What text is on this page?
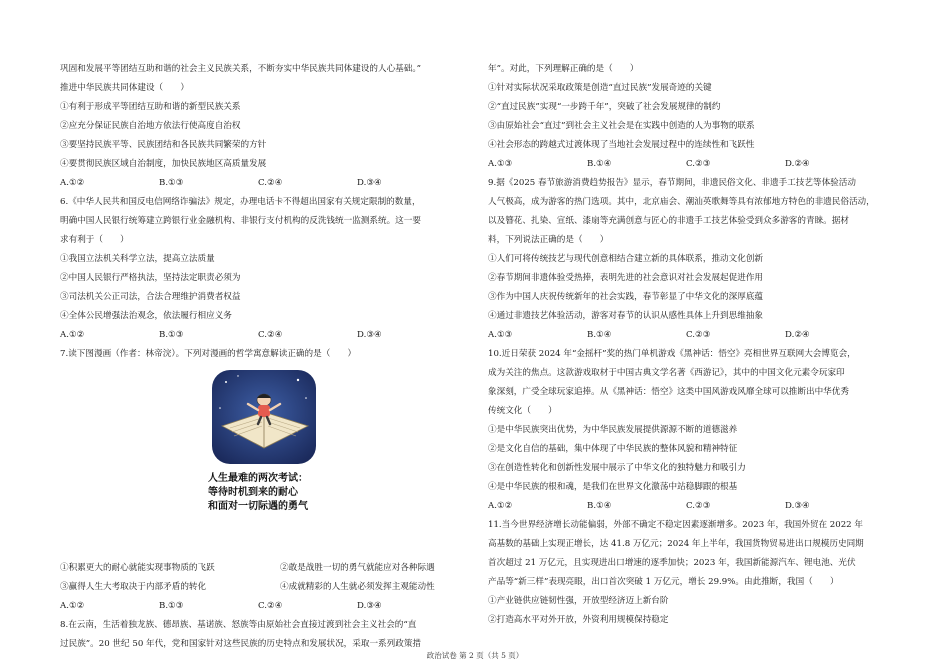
巩固和发展平等团结互助和谐的社会主义民族关系，不断夯实中华民族共同体建设的人心基础。”
推进中华民族共同体建设（　　）
①有利于形成平等团结互助和谐的新型民族关系
②应充分保证民族自治地方依法行使高度自治权
③要坚持民族平等、民族团结和各民族共同繁荣的方针
④要贯彻民族区域自治制度，加快民族地区高质量发展
A.①②	B.①③	C.②④	D.③④
6.《中华人民共和国反电信网络诈骗法》规定，办理电话卡不得超出国家有关规定限制的数量，
明确中国人民银行统筹建立跨银行业金融机构、非银行支付机构的反洗钱统一监测系统。这一要
求有利于（　　）
①我国立法机关科学立法，提高立法质量
②中国人民银行严格执法，坚持法定职责必须为
③司法机关公正司法，合法合理维护消费者权益
④全体公民增强法治观念，依法履行相应义务
A.①②	B.①③	C.②④	D.③④
7.读下图漫画（作者：林帝浣）。下列对漫画的哲学寓意解读正确的是（　　）
人生最难的两次考试：
等待时机到来的耐心
和面对一切际遇的勇气
①积累更大的耐心就能实现事物质的飞跃	②敢是战胜一切的勇气就能应对各种际遇
③赢得人生大考取决于内部矛盾的转化	④成就精彩的人生就必须发挥主观能动性
A.①②	B.①③	C.②④	D.③④
8.在云南，生活着独龙族、德昂族、基诺族、怒族等由原始社会直接过渡到社会主义社会的“直
过民族”。20 世纪 50 年代，党和国家针对这些民族的历史特点和发展状况，采取一系列政策措
年”。对此，下列理解正确的是（　　）
①针对实际状况采取政策是创造“直过民族”发展奇迹的关键
②“直过民族”实现“一步跨千年”，突破了社会发展规律的制约
③由原始社会“直过”到社会主义社会是在实践中创造的人为事物的联系
④社会形态的跨越式过渡体现了当地社会发展过程中的连续性和飞跃性
A.①③	B.①④	C.②③	D.②④
9.据《2025 春节旅游消费趋势报告》显示，春节期间，非遗民俗文化、非遗手工技艺等体验活动
人气极高，成为游客的热门选项。其中，北京庙会、潮汕英歌舞等具有浓郁地方特色的非遗民俗活动，
以及簪花、扎染、宣纸、漆扇等充满创意与匠心的非遗手工技艺体验受到众多游客的青睐。据材
料，下列说法正确的是（　　）
①人们可将传统技艺与现代创意相结合建立新的具体联系，推动文化创新
②春节期间非遗体验受热捧，表明先进的社会意识对社会发展起促进作用
③作为中国人庆祝传统新年的社会实践，春节彰显了中华文化的深厚底蕴
④通过非遗技艺体验活动，游客对春节的认识从感性具体上升到思维抽象
A.①③	B.①④	C.②③	D.②④
10.近日荣获 2024 年“金摇杆”奖的热门单机游戏《黑神话：悟空》亮相世界互联网大会博览会，
成为关注的焦点。这款游戏取材于中国古典文学名著《西游记》，其中的中国文化元素令玩家印
象深刻，广受全球玩家追捧。从《黑神话：悟空》这类中国风游戏风靡全球可以推断出中华优秀
传统文化（　　）
①是中华民族突出优势，为中华民族发展提供源源不断的道德滋养
②是文化自信的基础，集中体现了中华民族的整体风貌和精神特征
③在创造性转化和创新性发展中展示了中华文化的独特魅力和吸引力
④是中华民族的根和魂，是我们在世界文化激荡中站稳脚跟的根基
A.①②	B.①④	C.②③	D.③④
11.当今世界经济增长动能偏弱，外部不确定不稳定因素逐渐增多。2023 年，我国外贸在 2022 年
高基数的基础上实现正增长，达 41.8 万亿元；2024 年上半年，我国货物贸易进出口规模历史同期
首次超过 21 万亿元，且实现进出口增速的逐季加快；2023 年，我国新能源汽车、锂电池、光伏
产品等“新三样”表现亮眼，出口首次突破 1 万亿元，增长 29.9%。由此推断，我国（　　）
①产业链供应链韧性强，开放型经济迈上新台阶
②打造高水平对外开放，外资利用规模保持稳定
政治试卷 第 2 页（共 5 页）
